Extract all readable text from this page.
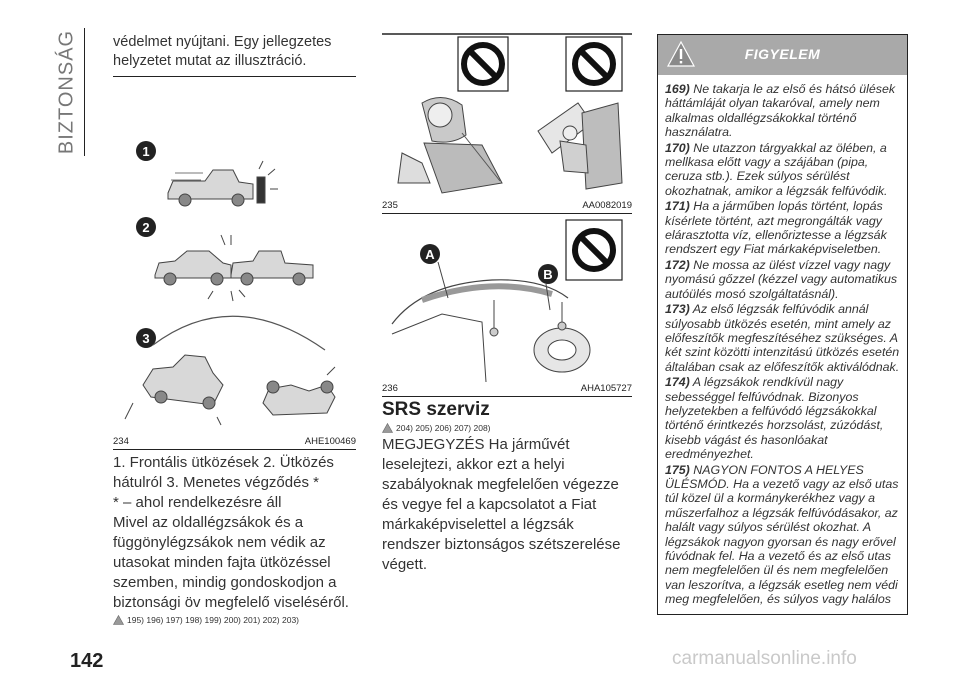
BIZTONSÁG védelmet nyújtani. Egy jellegzetes helyzetet mutat az illusztráció.

1
2
3
234	AHE100469

1. Frontális ütközések 2. Ütközés hátulról 3. Menetes végződés *

* – ahol rendelkezésre áll

Mivel az oldallégzsákok és a függönylégzsákok nem védik az utasokat minden fajta ütközéssel szemben, mindig gondoskodjon a biztonsági öv megfelelő viseléséről.

195) 196) 197) 198) 199) 200) 201) 202) 203)
235	AA0082019
A
B
236	AHA105727
SRS szerviz
204) 205) 206) 207) 208)

MEGJEGYZÉS Ha járművét leselejtezi, akkor ezt a helyi szabályoknak megfelelően végezze és vegye fel a kapcsolatot a Fiat márkaképviselettel a légzsák rendszer biztonságos szétszerelése végett.

FIGYELEM

169) Ne takarja le az első és hátsó ülések háttámláját olyan takaróval, amely nem alkalmas oldallégzsákokkal történő használatra.

170) Ne utazzon tárgyakkal az ölében, a mellkasa előtt vagy a szájában (pipa, ceruza stb.). Ezek súlyos sérülést okozhatnak, amikor a légzsák felfúvódik.

171) Ha a járműben lopás történt, lopás kísérlete történt, azt megrongálták vagy elárasztotta víz, ellenőriztesse a légzsák rendszert egy Fiat márkaképviseletben.

172) Ne mossa az ülést vízzel vagy nagy nyomású gőzzel (kézzel vagy automatikus autóülés mosó szolgáltatásnál).

173) Az első légzsák felfúvódik annál súlyosabb ütközés esetén, mint amely az előfeszítők megfeszítéséhez szükséges. A két szint közötti intenzitású ütközés esetén általában csak az előfeszítők aktiválódnak.

174) A légzsákok rendkívül nagy sebességgel felfúvódnak. Bizonyos helyzetekben a felfúvódó légzsákokkal történő érintkezés horzsolást, zúzódást, kisebb vágást és hasonlóakat eredményezhet.

175) NAGYON FONTOS A HELYES ÜLÉSMÓD. Ha a vezető vagy az első utas túl közel ül a kormánykerékhez vagy a műszerfalhoz a légzsák felfúvódásakor, az halált vagy súlyos sérülést okozhat. A légzsákok nagyon gyorsan és nagy erővel fúvódnak fel. Ha a vezető és az első utas nem megfelelően ül és nem megfelelően van leszorítva, a légzsák esetleg nem védi meg megfelelően, és súlyos vagy halálos

142	carmanualsonline.info
